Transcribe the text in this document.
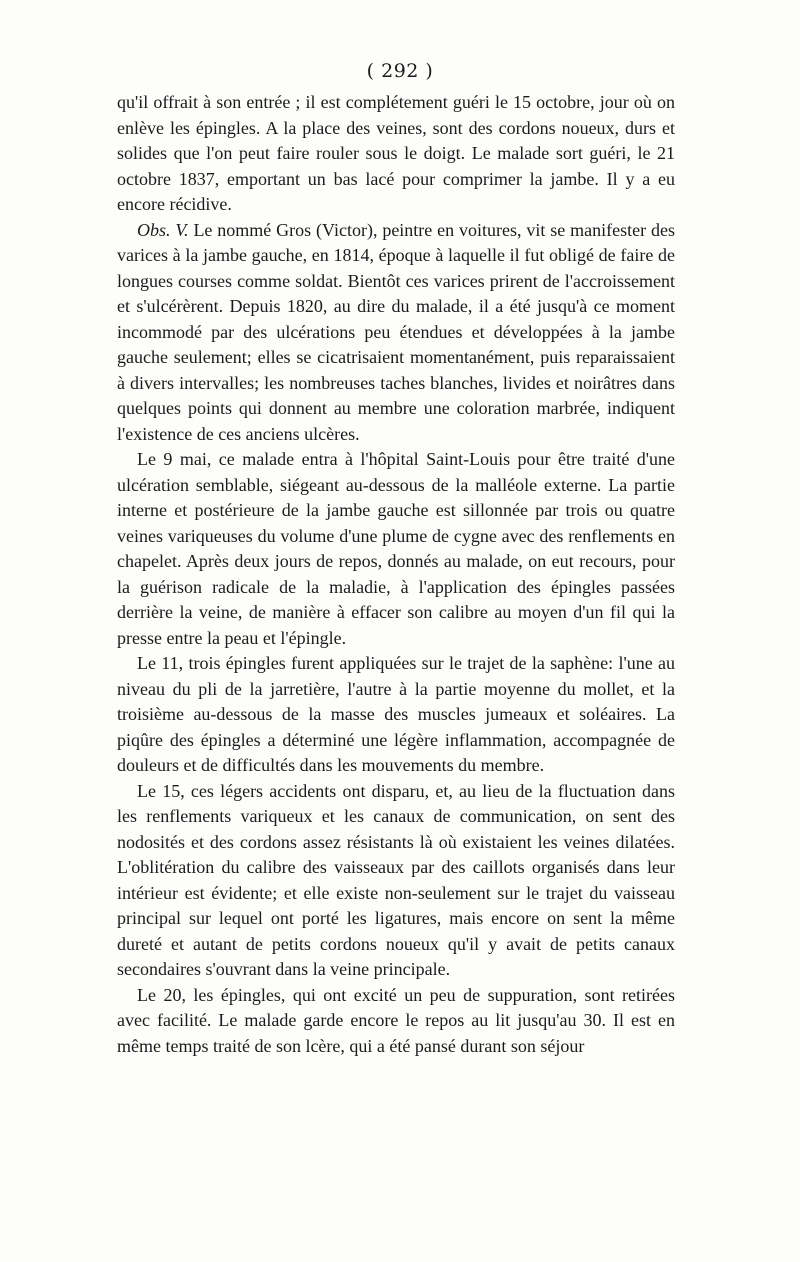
( 292 )

qu'il offrait à son entrée ; il est complétement guéri le 15 octobre, jour où on enlève les épingles. A la place des veines, sont des cordons noueux, durs et solides que l'on peut faire rouler sous le doigt. Le malade sort guéri, le 21 octobre 1837, emportant un bas lacé pour comprimer la jambe. Il y a eu encore récidive.

Obs. V. Le nommé Gros (Victor), peintre en voitures, vit se manifester des varices à la jambe gauche, en 1814, époque à laquelle il fut obligé de faire de longues courses comme soldat. Bientôt ces varices prirent de l'accroissement et s'ulcérèrent. Depuis 1820, au dire du malade, il a été jusqu'à ce moment incommodé par des ulcérations peu étendues et développées à la jambe gauche seulement; elles se cicatrisaient momentanément, puis reparaissaient à divers intervalles; les nombreuses taches blanches, livides et noirâtres dans quelques points qui donnent au membre une coloration marbrée, indiquent l'existence de ces anciens ulcères.

Le 9 mai, ce malade entra à l'hôpital Saint-Louis pour être traité d'une ulcération semblable, siégeant au-dessous de la malléole externe. La partie interne et postérieure de la jambe gauche est sillonnée par trois ou quatre veines variqueuses du volume d'une plume de cygne avec des renflements en chapelet. Après deux jours de repos, donnés au malade, on eut recours, pour la guérison radicale de la maladie, à l'application des épingles passées derrière la veine, de manière à effacer son calibre au moyen d'un fil qui la presse entre la peau et l'épingle.

Le 11, trois épingles furent appliquées sur le trajet de la saphène: l'une au niveau du pli de la jarretière, l'autre à la partie moyenne du mollet, et la troisième au-dessous de la masse des muscles jumeaux et soléaires. La piqûre des épingles a déterminé une légère inflammation, accompagnée de douleurs et de difficultés dans les mouvements du membre.

Le 15, ces légers accidents ont disparu, et, au lieu de la fluctuation dans les renflements variqueux et les canaux de communication, on sent des nodosités et des cordons assez résistants là où existaient les veines dilatées. L'oblitération du calibre des vaisseaux par des caillots organisés dans leur intérieur est évidente; et elle existe non-seulement sur le trajet du vaisseau principal sur lequel ont porté les ligatures, mais encore on sent la même dureté et autant de petits cordons noueux qu'il y avait de petits canaux secondaires s'ouvrant dans la veine principale.

Le 20, les épingles, qui ont excité un peu de suppuration, sont retirées avec facilité. Le malade garde encore le repos au lit jusqu'au 30. Il est en même temps traité de son lcère, qui a été pansé durant son séjour
